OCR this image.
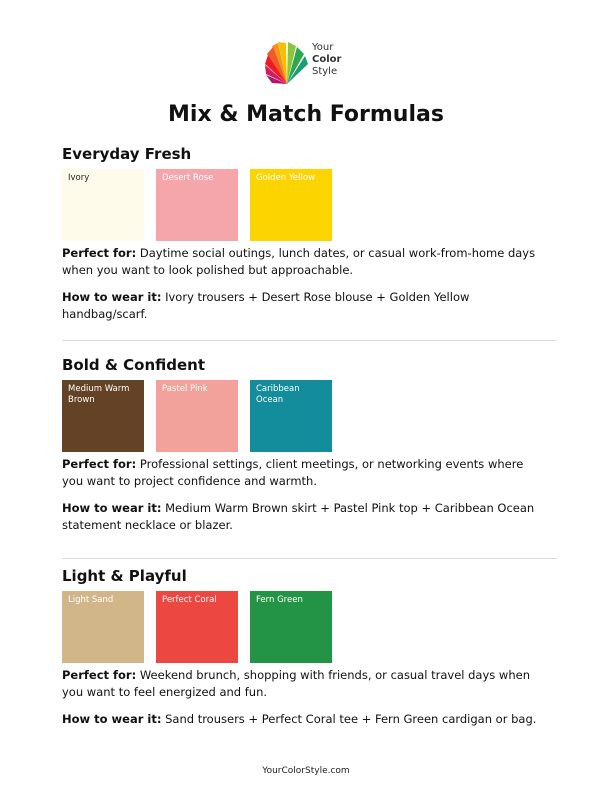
Your
Color
Style
Mix & Match Formulas
Everyday Fresh
Ivory	Desert Rose	Golden Yellow

Perfect for: Daytime social outings, lunch dates, or casual work-from-home days when you want to look polished but approachable.

How to wear it: Ivory trousers + Desert Rose blouse + Golden Yellow handbag/scarf.

Bold & Confident
Medium Warm Brown
Pastel Pink	Caribbean Ocean

Perfect for: Professional settings, client meetings, or networking events where you want to project confidence and warmth.

How to wear it: Medium Warm Brown skirt + Pastel Pink top + Caribbean Ocean statement necklace or blazer.

Light & Playful
Light Sand	Perfect Coral	Fern Green

Perfect for: Weekend brunch, shopping with friends, or casual travel days when you want to feel energized and fun.

How to wear it: Sand trousers + Perfect Coral tee + Fern Green cardigan or bag.

YourColorStyle.com
